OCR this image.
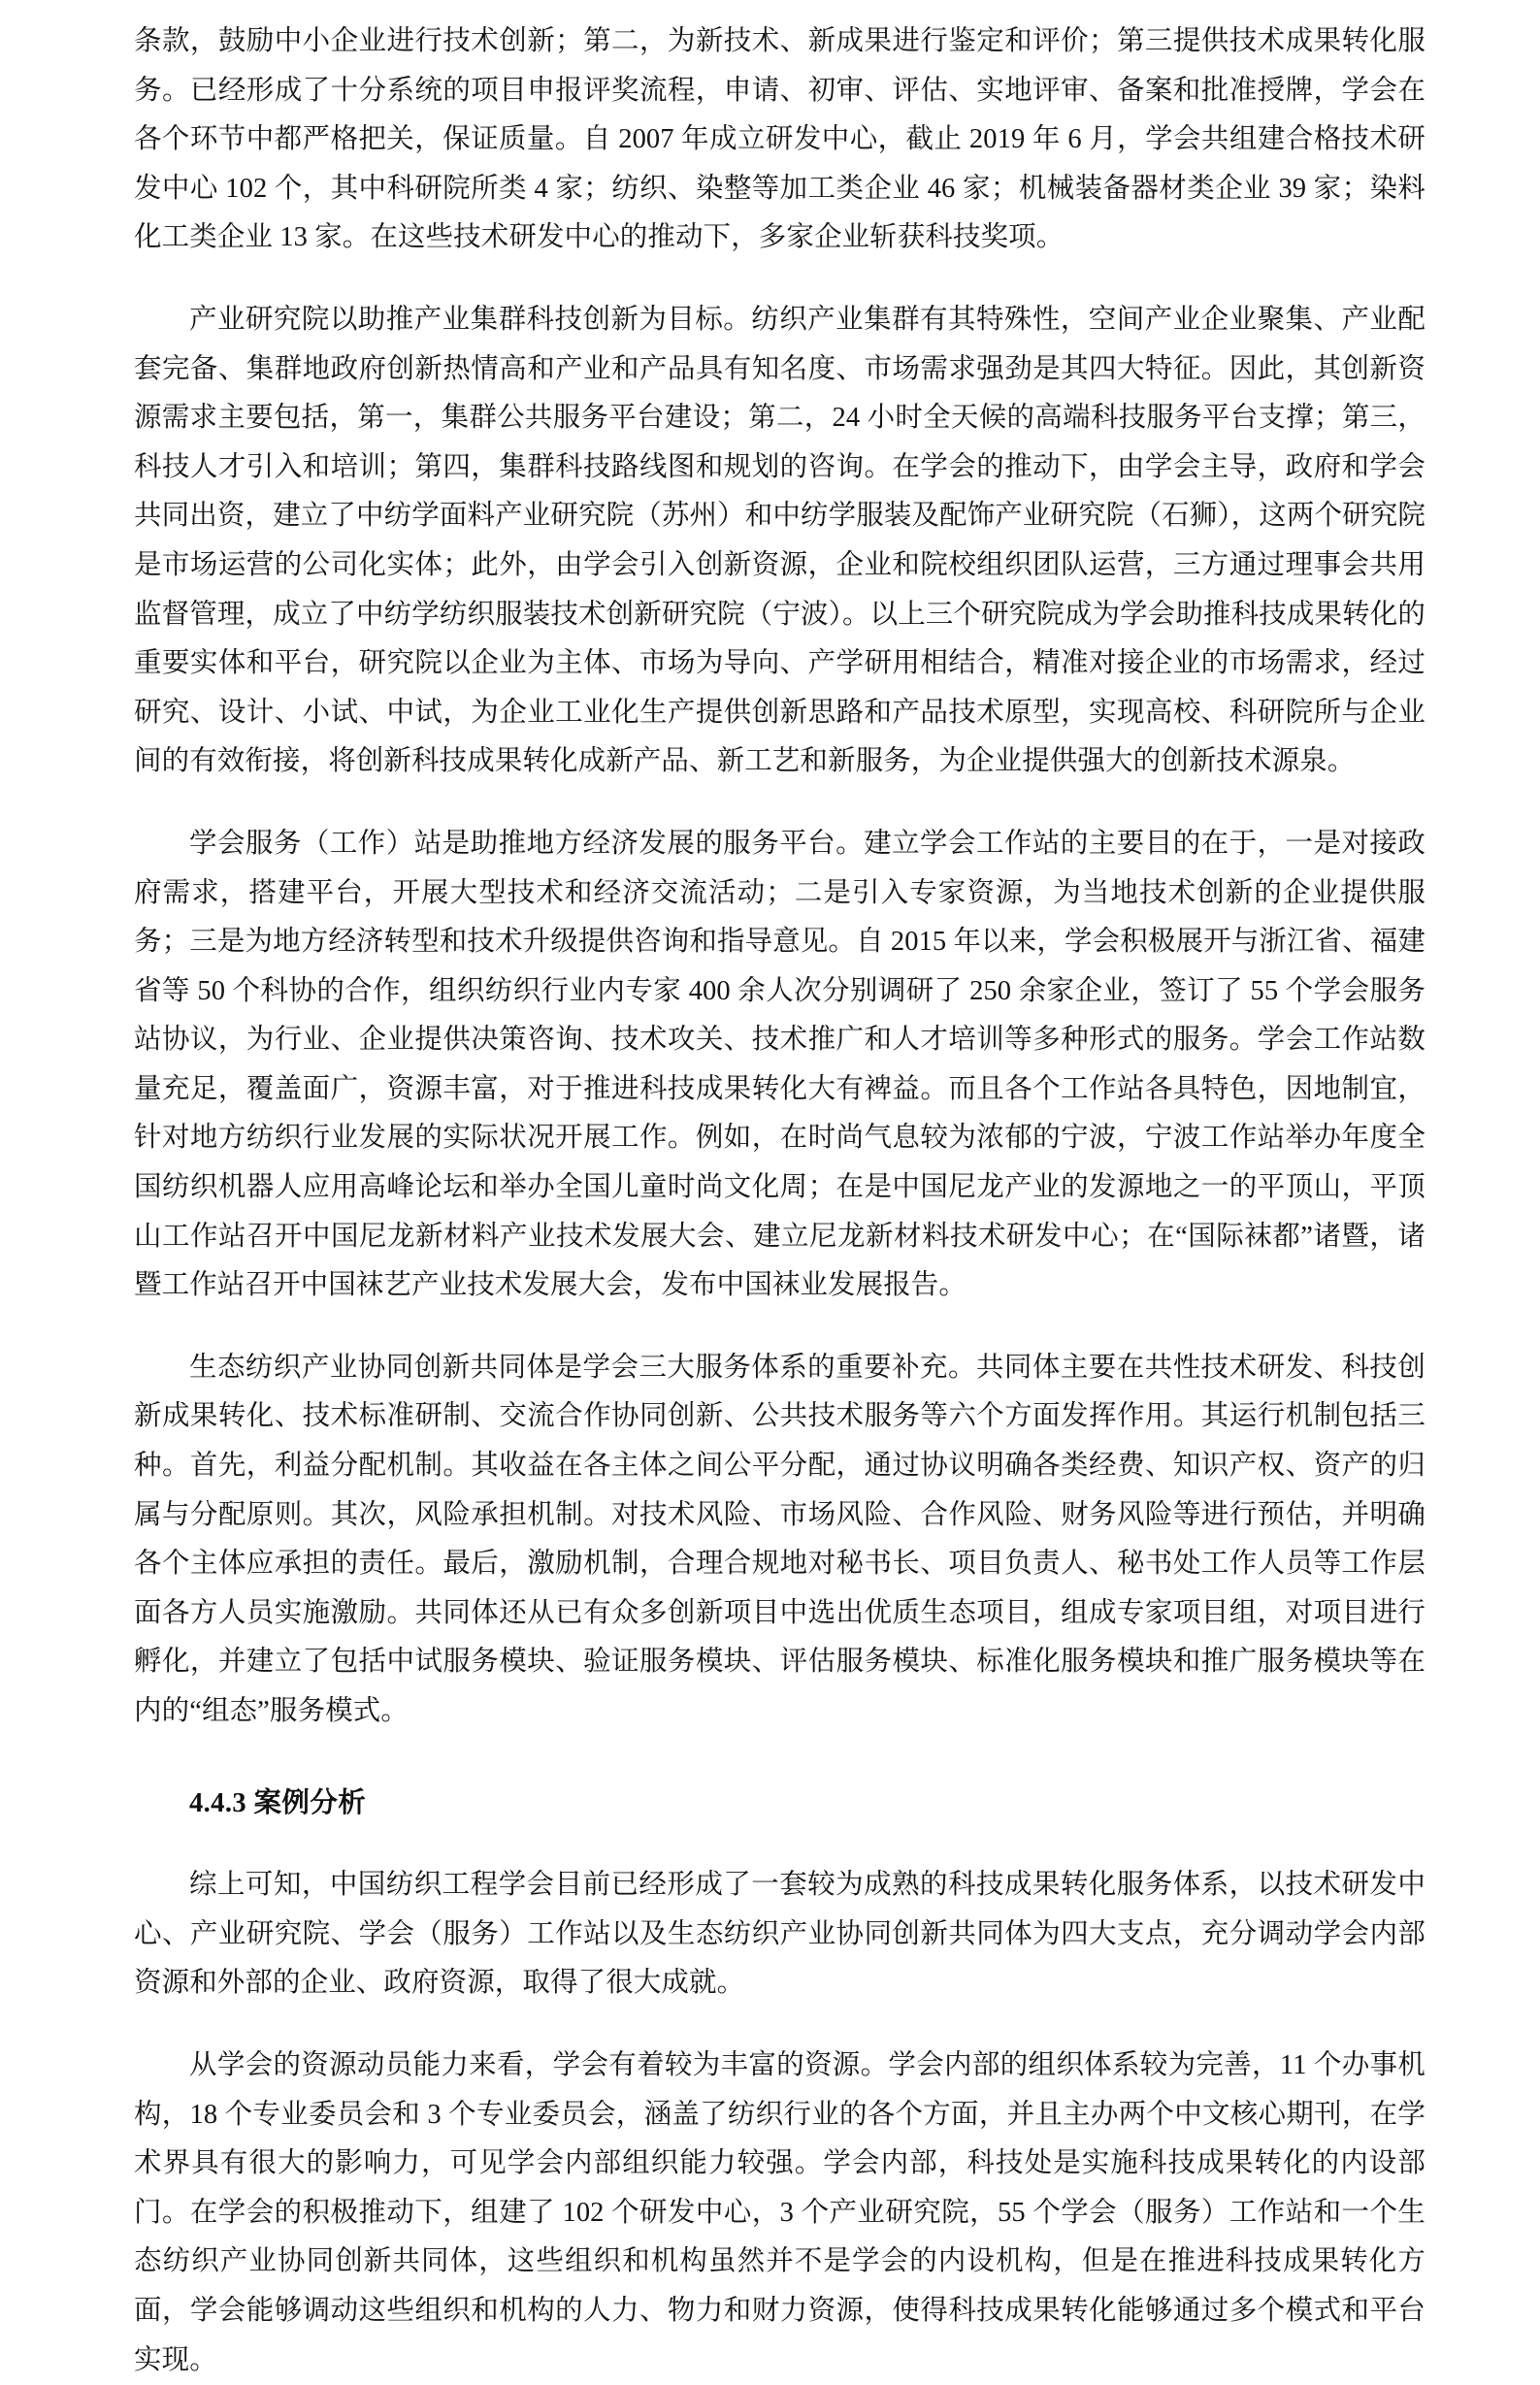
条款，鼓励中小企业进行技术创新；第二，为新技术、新成果进行鉴定和评价；第三提供技术成果转化服务。已经形成了十分系统的项目申报评奖流程，申请、初审、评估、实地评审、备案和批准授牌，学会在各个环节中都严格把关，保证质量。自 2007 年成立研发中心，截止 2019 年 6 月，学会共组建合格技术研发中心 102 个，其中科研院所类 4 家；纺织、染整等加工类企业 46 家；机械装备器材类企业 39 家；染料化工类企业 13 家。在这些技术研发中心的推动下，多家企业斩获科技奖项。

产业研究院以助推产业集群科技创新为目标。纺织产业集群有其特殊性，空间产业企业聚集、产业配套完备、集群地政府创新热情高和产业和产品具有知名度、市场需求强劲是其四大特征。因此，其创新资源需求主要包括，第一，集群公共服务平台建设；第二，24 小时全天候的高端科技服务平台支撑；第三，科技人才引入和培训；第四，集群科技路线图和规划的咨询。在学会的推动下，由学会主导，政府和学会共同出资，建立了中纺学面料产业研究院（苏州）和中纺学服装及配饰产业研究院（石狮），这两个研究院是市场运营的公司化实体；此外，由学会引入创新资源，企业和院校组织团队运营，三方通过理事会共用监督管理，成立了中纺学纺织服装技术创新研究院（宁波）。以上三个研究院成为学会助推科技成果转化的重要实体和平台，研究院以企业为主体、市场为导向、产学研用相结合，精准对接企业的市场需求，经过研究、设计、小试、中试，为企业工业化生产提供创新思路和产品技术原型，实现高校、科研院所与企业间的有效衔接，将创新科技成果转化成新产品、新工艺和新服务，为企业提供强大的创新技术源泉。

学会服务（工作）站是助推地方经济发展的服务平台。建立学会工作站的主要目的在于，一是对接政府需求，搭建平台，开展大型技术和经济交流活动；二是引入专家资源，为当地技术创新的企业提供服务；三是为地方经济转型和技术升级提供咨询和指导意见。自 2015 年以来，学会积极展开与浙江省、福建省等 50 个科协的合作，组织纺织行业内专家 400 余人次分别调研了 250 余家企业，签订了 55 个学会服务站协议，为行业、企业提供决策咨询、技术攻关、技术推广和人才培训等多种形式的服务。学会工作站数量充足，覆盖面广，资源丰富，对于推进科技成果转化大有裨益。而且各个工作站各具特色，因地制宜，针对地方纺织行业发展的实际状况开展工作。例如，在时尚气息较为浓郁的宁波，宁波工作站举办年度全国纺织机器人应用高峰论坛和举办全国儿童时尚文化周；在是中国尼龙产业的发源地之一的平顶山，平顶山工作站召开中国尼龙新材料产业技术发展大会、建立尼龙新材料技术研发中心；在“国际袜都”诸暨，诸暨工作站召开中国袜艺产业技术发展大会，发布中国袜业发展报告。

生态纺织产业协同创新共同体是学会三大服务体系的重要补充。共同体主要在共性技术研发、科技创新成果转化、技术标准研制、交流合作协同创新、公共技术服务等六个方面发挥作用。其运行机制包括三种。首先，利益分配机制。其收益在各主体之间公平分配，通过协议明确各类经费、知识产权、资产的归属与分配原则。其次，风险承担机制。对技术风险、市场风险、合作风险、财务风险等进行预估，并明确各个主体应承担的责任。最后，激励机制，合理合规地对秘书长、项目负责人、秘书处工作人员等工作层面各方人员实施激励。共同体还从已有众多创新项目中选出优质生态项目，组成专家项目组，对项目进行孵化，并建立了包括中试服务模块、验证服务模块、评估服务模块、标准化服务模块和推广服务模块等在内的“组态”服务模式。

4.4.3 案例分析

综上可知，中国纺织工程学会目前已经形成了一套较为成熟的科技成果转化服务体系，以技术研发中心、产业研究院、学会（服务）工作站以及生态纺织产业协同创新共同体为四大支点，充分调动学会内部资源和外部的企业、政府资源，取得了很大成就。

从学会的资源动员能力来看，学会有着较为丰富的资源。学会内部的组织体系较为完善，11 个办事机构，18 个专业委员会和 3 个专业委员会，涵盖了纺织行业的各个方面，并且主办两个中文核心期刊，在学术界具有很大的影响力，可见学会内部组织能力较强。学会内部，科技处是实施科技成果转化的内设部门。在学会的积极推动下，组建了 102 个研发中心，3 个产业研究院，55 个学会（服务）工作站和一个生态纺织产业协同创新共同体，这些组织和机构虽然并不是学会的内设机构，但是在推进科技成果转化方面，学会能够调动这些组织和机构的人力、物力和财力资源，使得科技成果转化能够通过多个模式和平台实现。
